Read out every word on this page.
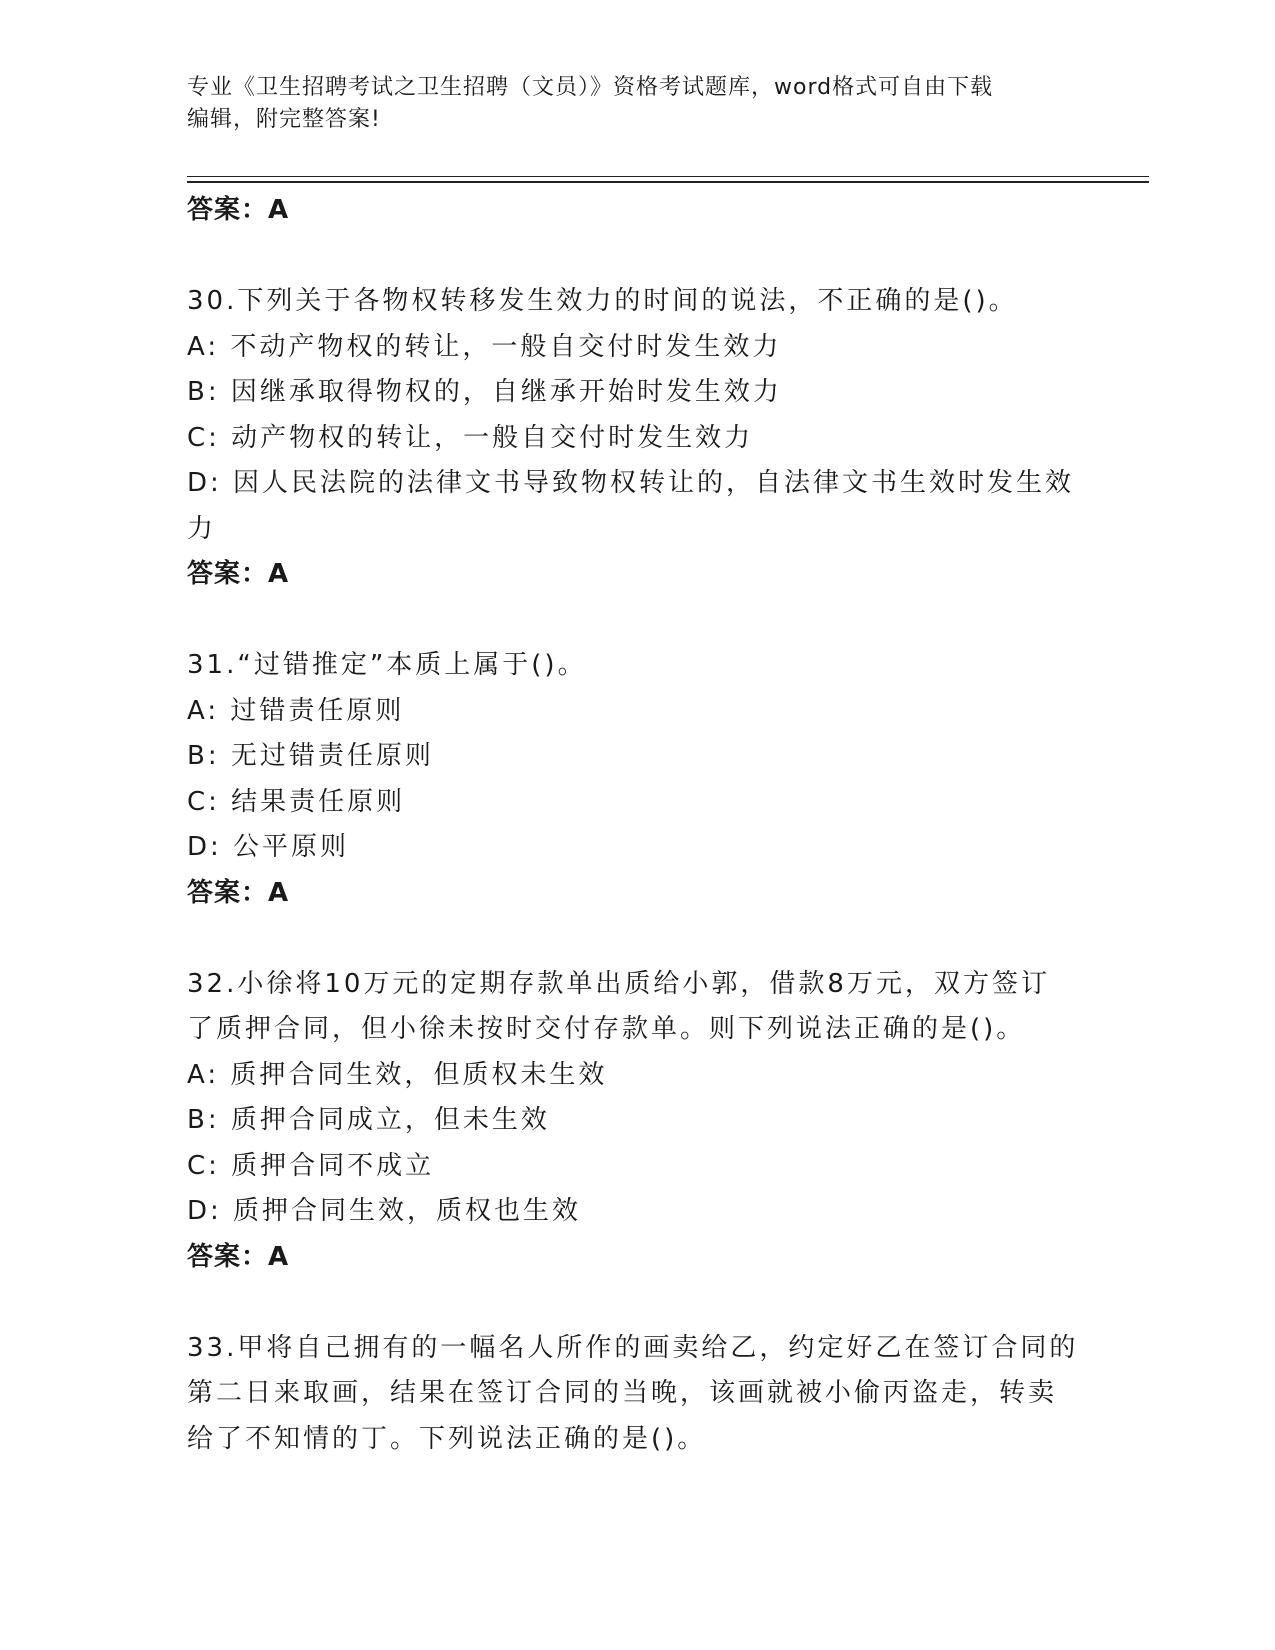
专业《卫生招聘考试之卫生招聘（文员）》资格考试题库，word格式可自由下载
编辑，附完整答案!
答案：A
30.下列关于各物权转移发生效力的时间的说法，不正确的是()。
A: 不动产物权的转让，一般自交付时发生效力
B: 因继承取得物权的，自继承开始时发生效力
C: 动产物权的转让，一般自交付时发生效力
D: 因人民法院的法律文书导致物权转让的，自法律文书生效时发生效
力
答案：A
31.“过错推定”本质上属于()。
A: 过错责任原则
B: 无过错责任原则
C: 结果责任原则
D: 公平原则
答案：A
32.小徐将10万元的定期存款单出质给小郭，借款8万元，双方签订
了质押合同，但小徐未按时交付存款单。则下列说法正确的是()。
A: 质押合同生效，但质权未生效
B: 质押合同成立，但未生效
C: 质押合同不成立
D: 质押合同生效，质权也生效
答案：A
33.甲将自己拥有的一幅名人所作的画卖给乙，约定好乙在签订合同的
第二日来取画，结果在签订合同的当晚，该画就被小偷丙盗走，转卖
给了不知情的丁。下列说法正确的是()。
